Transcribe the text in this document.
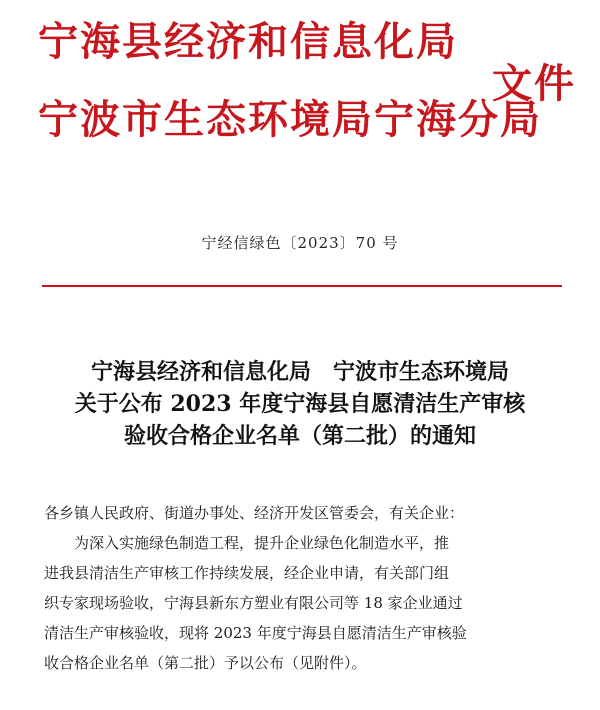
宁海县经济和信息化局
宁波市生态环境局宁海分局
文件
宁经信绿色〔2023〕70 号
宁海县经济和信息化局　宁波市生态环境局
关于公布 2023 年度宁海县自愿清洁生产审核
验收合格企业名单（第二批）的通知
各乡镇人民政府、街道办事处、经济开发区管委会，有关企业：
为深入实施绿色制造工程，提升企业绿色化制造水平，推
进我县清洁生产审核工作持续发展，经企业申请，有关部门组
织专家现场验收，宁海县新东方塑业有限公司等 18 家企业通过
清洁生产审核验收，现将 2023 年度宁海县自愿清洁生产审核验
收合格企业名单（第二批）予以公布（见附件）。
